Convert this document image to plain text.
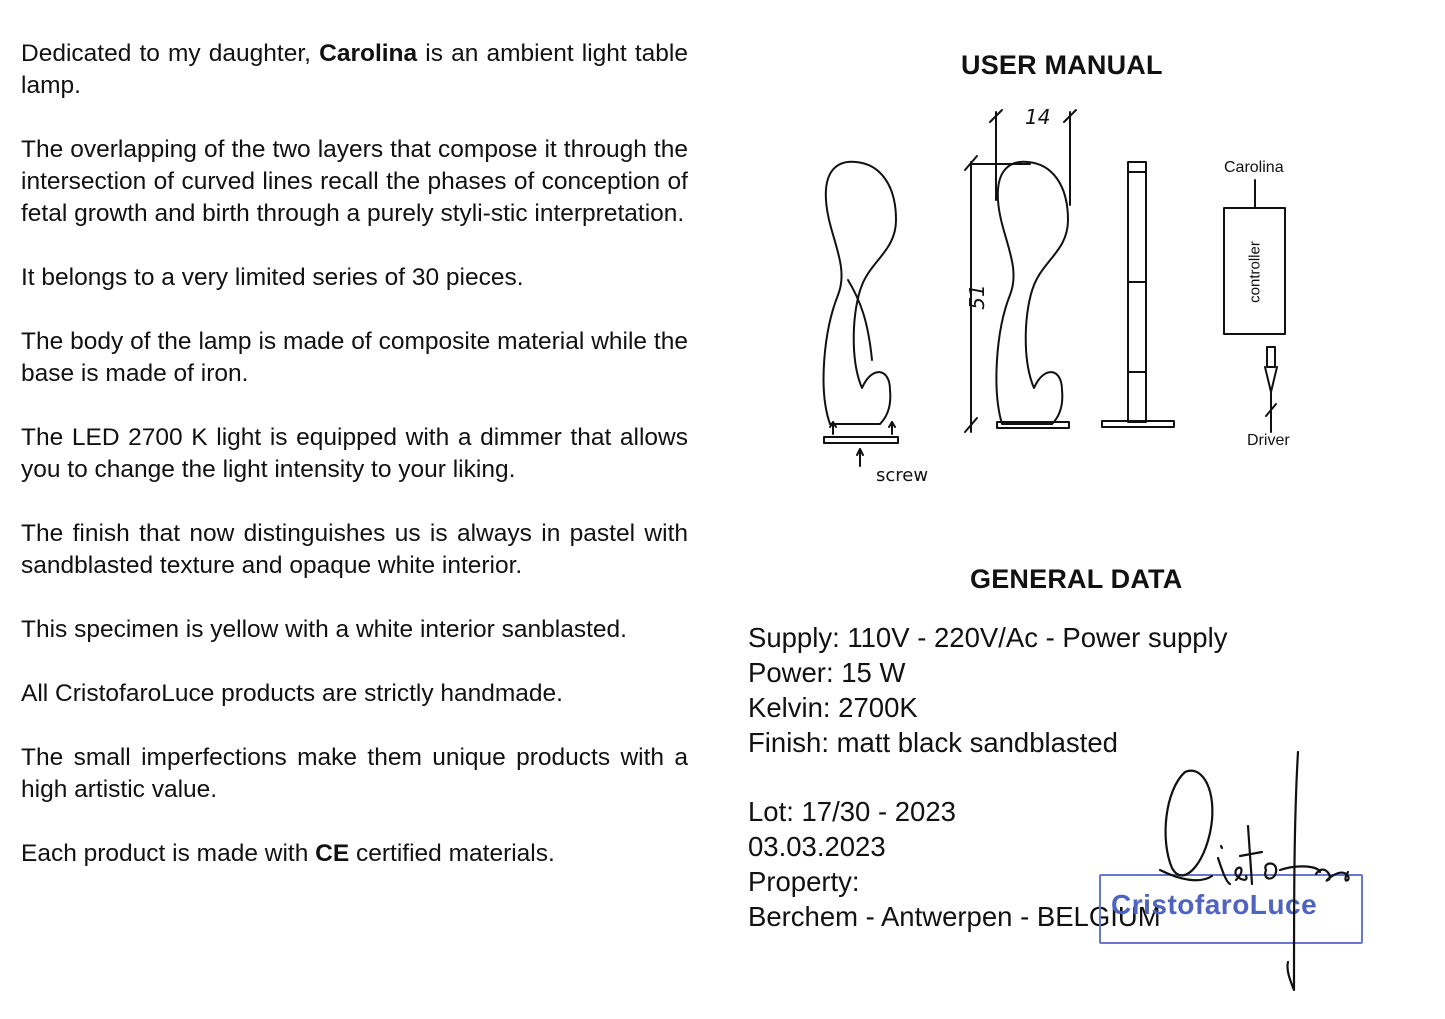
Dedicated to my daughter, Carolina is an ambient light table lamp.

The overlapping of the two layers that compose it through the intersection of curved lines recall the phases of conception of fetal growth and birth through a purely styli-stic interpretation.

It belongs to a very limited series of 30 pieces.

The body of the lamp is made of composite material while the base is made of iron.

The LED 2700 K light is equipped with a dimmer that allows you to change the light intensity to your liking.

The finish that now distinguishes us is always in pastel with sandblasted texture and opaque white interior.

This specimen is yellow with a white interior sanblasted.

All CristofaroLuce products are strictly handmade.

The small imperfections make them unique products with a high artistic value.

Each product is made with CE certified materials.

USER MANUAL
Carolina
controller
Driver
screw
14
51
GENERAL DATA
Supply: 110V - 220V/Ac - Power supply
Power: 15 W
Kelvin: 2700K
Finish: matt black sandblasted
Lot: 17/30 - 2023
03.03.2023
Property:
Berchem - Antwerpen - BELGIUM
CristofaroLuce
